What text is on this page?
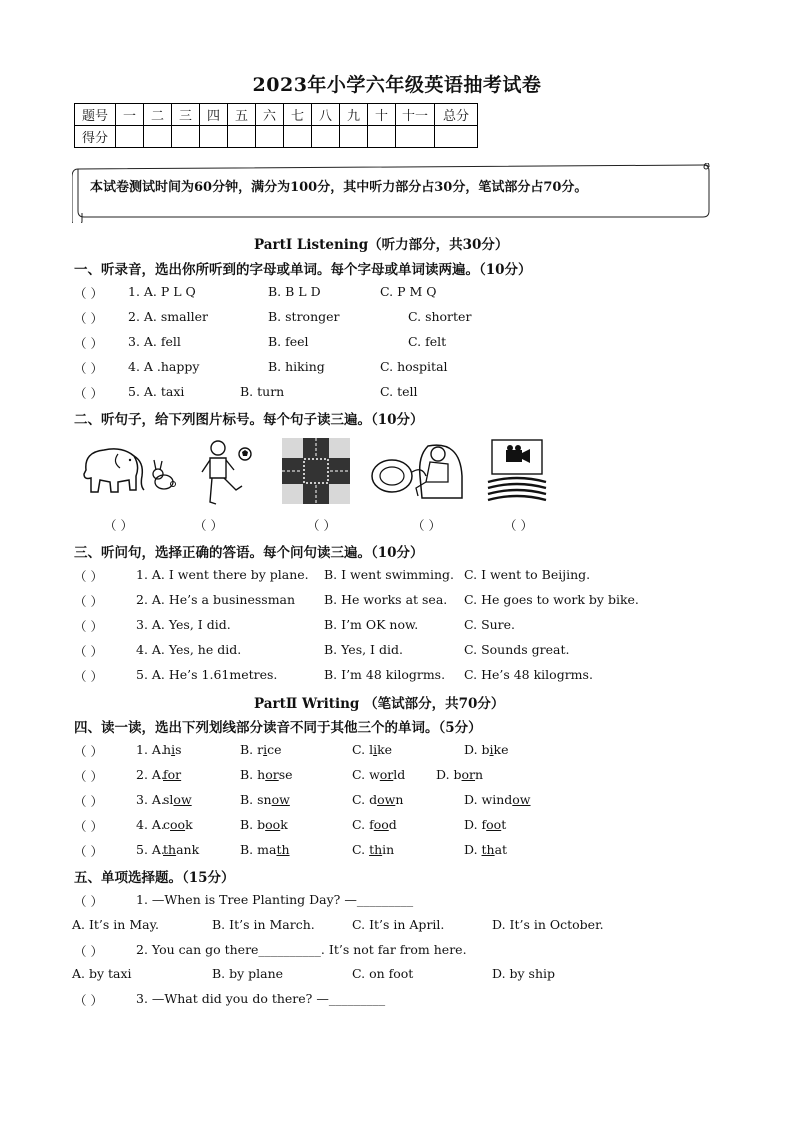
2023年小学六年级英语抽考试卷
题号	一	二	三	四	五	六	七	八	九	十	十一	总分
得分												
本试卷测试时间为60分钟，满分为100分，其中听力部分占30分，笔试部分占70分。
PartⅠ Listening（听力部分，共30分）
一、听录音，选出你所听到的字母或单词。每个字母或单词读两遍。（10分）
（ ） 1. A. P L Q	B. B L D	C. P M Q
（ ） 2. A. smaller	B. stronger	C. shorter
（ ） 3. A. fell	B. feel	C. felt
（ ） 4. A .happy	B. hiking	C. hospital
（ ） 5. A. taxi	B. turn	C. tell
二、听句子，给下列图片标号。每个句子读三遍。（10分）
（ ）	（ ）	（ ）	（ ）	（ ）
三、听问句，选择正确的答语。每个问句读三遍。（10分）
（ ）	1. A. I went there by plane. B. I went swimming. C. I went to Beijing.
（ ）	2. A. He’s a businessman B. He works at sea. C. He goes to work by bike.
（ ）	3. A. Yes, I did.	B. I’m OK now.	C. Sure.
（ ）	4. A. Yes, he did.	B. Yes, I did.	C. Sounds great.
（ ）	5. A. He’s 1.61metres.	B. I’m 48 kilogrms. C. He’s 48 kilogrms.
PartⅡ Writing （笔试部分，共70分）
四、读一读，选出下列划线部分读音不同于其他三个的单词。（5分）
（ ）	1. A.
his	B. rice	C. like	D. bike
（ ）	2. A.
for	B. horse	C. world D. born
（ ）	3. A.
slow	B. snow	C. down	D. window
（ ）	4. A.
cook	B. book	C. food	D. foot
（ ）	5. A.
thank	B. math	C. thin	D. that
五、单项选择题。（15分）
（ ）	1. —When is Tree Planting Day? —_________
A. It’s in May.	B. It’s in March.	C. It’s in April.	D. It’s in October.
（ ）	2. You can go there__________. It’s not far from here.
A. by taxi	B. by plane	C. on foot	D. by ship
（ ）	3. —What did you do there? —_________
